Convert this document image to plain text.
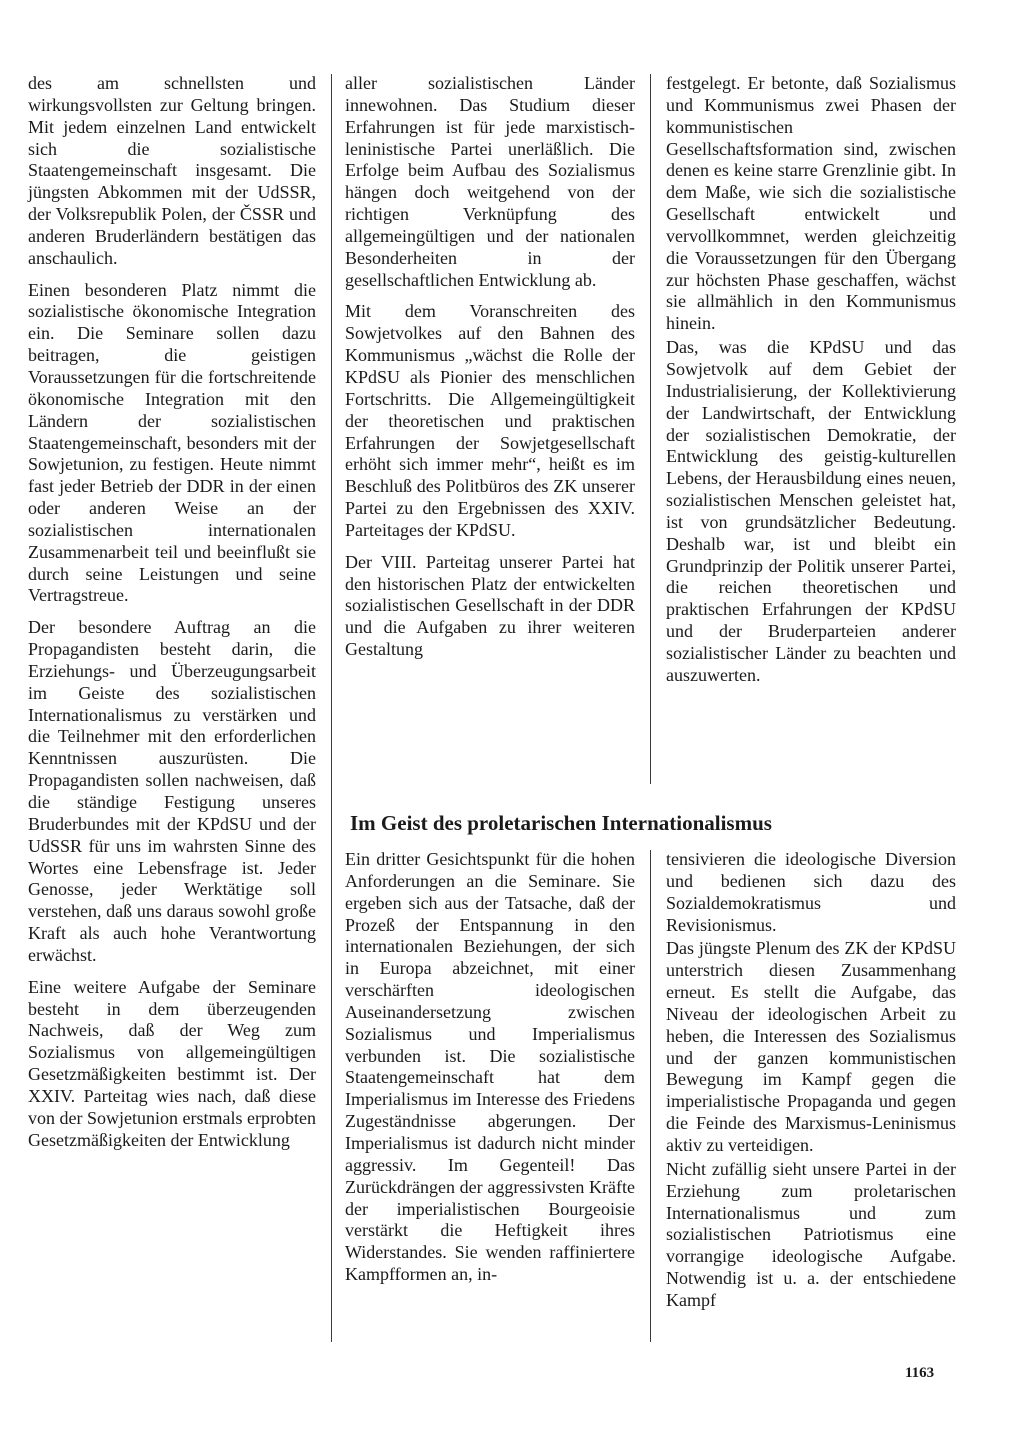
des am schnellsten und wirkungsvollsten zur Geltung bringen. Mit jedem einzelnen Land entwickelt sich die sozialistische Staatengemeinschaft insgesamt. Die jüngsten Abkommen mit der UdSSR, der Volksrepublik Polen, der ČSSR und anderen Bruderländern bestätigen das anschaulich.

Einen besonderen Platz nimmt die sozialistische ökonomische Integration ein. Die Seminare sollen dazu beitragen, die geistigen Voraussetzungen für die fortschreitende ökonomische Integration mit den Ländern der sozialistischen Staatengemeinschaft, besonders mit der Sowjetunion, zu festigen. Heute nimmt fast jeder Betrieb der DDR in der einen oder anderen Weise an der sozialistischen internationalen Zusammenarbeit teil und beeinflußt sie durch seine Leistungen und seine Vertragstreue.

Der besondere Auftrag an die Propagandisten besteht darin, die Erziehungs- und Überzeugungsarbeit im Geiste des sozialistischen Internationalismus zu verstärken und die Teilnehmer mit den erforderlichen Kenntnissen auszurüsten. Die Propagandisten sollen nachweisen, daß die ständige Festigung unseres Bruderbundes mit der KPdSU und der UdSSR für uns im wahrsten Sinne des Wortes eine Lebensfrage ist. Jeder Genosse, jeder Werktätige soll verstehen, daß uns daraus sowohl große Kraft als auch hohe Verantwortung erwächst.

Eine weitere Aufgabe der Seminare besteht in dem überzeugenden Nachweis, daß der Weg zum Sozialismus von allgemeingültigen Gesetzmäßigkeiten bestimmt ist. Der XXIV. Parteitag wies nach, daß diese von der Sowjetunion erstmals erprobten Gesetzmäßigkeiten der Entwicklung

aller sozialistischen Länder innewohnen. Das Studium dieser Erfahrungen ist für jede marxistisch-leninistische Partei unerläßlich. Die Erfolge beim Aufbau des Sozialismus hängen doch weitgehend von der richtigen Verknüpfung des allgemeingültigen und der nationalen Besonderheiten in der gesellschaftlichen Entwicklung ab.

Mit dem Voranschreiten des Sowjetvolkes auf den Bahnen des Kommunismus „wächst die Rolle der KPdSU als Pionier des menschlichen Fortschritts. Die Allgemeingültigkeit der theoretischen und praktischen Erfahrungen der Sowjetgesellschaft erhöht sich immer mehr“, heißt es im Beschluß des Politbüros des ZK unserer Partei zu den Ergebnissen des XXIV. Parteitages der KPdSU.

Der VIII. Parteitag unserer Partei hat den historischen Platz der entwickelten sozialistischen Gesellschaft in der DDR und die Aufgaben zu ihrer weiteren Gestaltung

festgelegt. Er betonte, daß Sozialismus und Kommunismus zwei Phasen der kommunistischen Gesellschaftsformation sind, zwischen denen es keine starre Grenzlinie gibt. In dem Maße, wie sich die sozialistische Gesellschaft entwickelt und vervollkommnet, werden gleichzeitig die Voraussetzungen für den Übergang zur höchsten Phase geschaffen, wächst sie allmählich in den Kommunismus hinein.

Das, was die KPdSU und das Sowjetvolk auf dem Gebiet der Industrialisierung, der Kollektivierung der Landwirtschaft, der Entwicklung der sozialistischen Demokratie, der Entwicklung des geistig-kulturellen Lebens, der Herausbildung eines neuen, sozialistischen Menschen geleistet hat, ist von grundsätzlicher Bedeutung. Deshalb war, ist und bleibt ein Grundprinzip der Politik unserer Partei, die reichen theoretischen und praktischen Erfahrungen der KPdSU und der Bruderparteien anderer sozialistischer Länder zu beachten und auszuwerten.

Im Geist des proletarischen Internationalismus

Ein dritter Gesichtspunkt für die hohen Anforderungen an die Seminare. Sie ergeben sich aus der Tatsache, daß der Prozeß der Entspannung in den internationalen Beziehungen, der sich in Europa abzeichnet, mit einer verschärften ideologischen Auseinandersetzung zwischen Sozialismus und Imperialismus verbunden ist. Die sozialistische Staatengemeinschaft hat dem Imperialismus im Interesse des Friedens Zugeständnisse abgerungen. Der Imperialismus ist dadurch nicht minder aggressiv. Im Gegenteil! Das Zurückdrängen der aggressivsten Kräfte der imperialistischen Bourgeoisie verstärkt die Heftigkeit ihres Widerstandes. Sie wenden raffiniertere Kampfformen an, in-

tensivieren die ideologische Diversion und bedienen sich dazu des Sozialdemokratismus und Revisionismus.

Das jüngste Plenum des ZK der KPdSU unterstrich diesen Zusammenhang erneut. Es stellt die Aufgabe, das Niveau der ideologischen Arbeit zu heben, die Interessen des Sozialismus und der ganzen kommunistischen Bewegung im Kampf gegen die imperialistische Propaganda und gegen die Feinde des Marxismus-Leninismus aktiv zu verteidigen.

Nicht zufällig sieht unsere Partei in der Erziehung zum proletarischen Internationalismus und zum sozialistischen Patriotismus eine vorrangige ideologische Aufgabe. Notwendig ist u. a. der entschiedene Kampf

1163
